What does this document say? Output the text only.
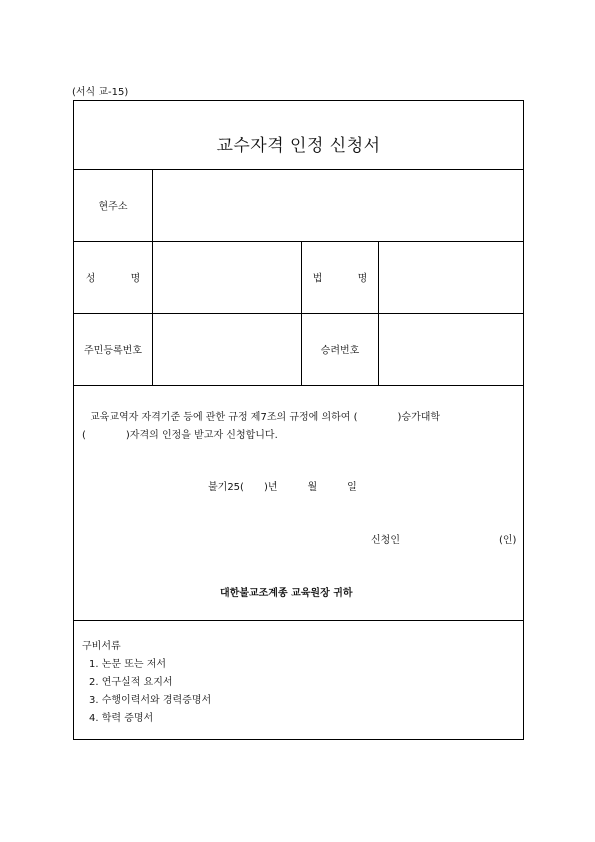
(서식 교-15)
교수자격 인정 신청서
현주소
성 명	법 명
주민등록번호	승려번호
교육교역자 자격기준 등에 관한 규정 제7조의 규정에 의하여 (　　　　)승가대학
(　　　　)자격의 인정을 받고자 신청합니다.
불기25(　　)년　　　월　　　일
신청인	(인)
대한불교조계종 교육원장 귀하
구비서류
1. 논문 또는 저서
2. 연구실적 요지서
3. 수행이력서와 경력증명서
4. 학력 증명서
